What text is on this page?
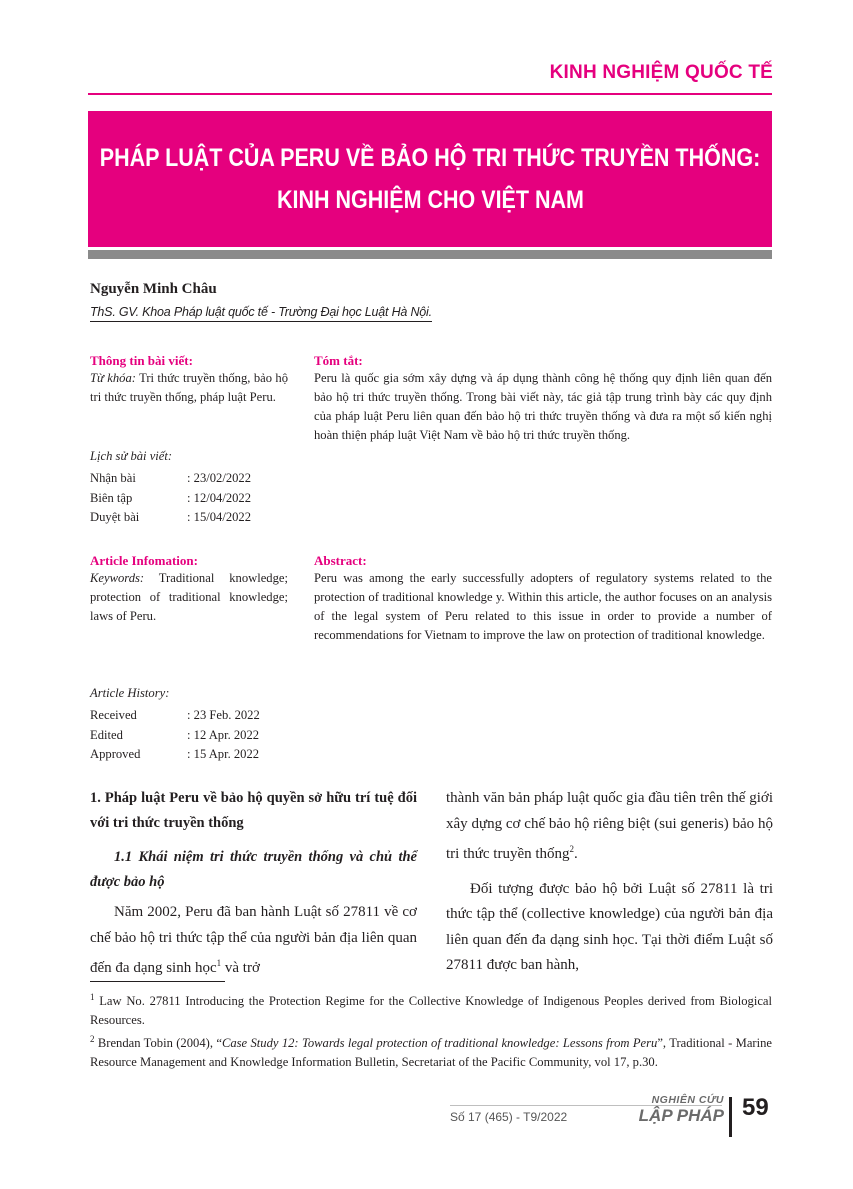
KINH NGHIỆM QUỐC TẾ
PHÁP LUẬT CỦA PERU VỀ BẢO HỘ TRI THỨC TRUYỀN THỐNG:
KINH NGHIỆM CHO VIỆT NAM
Nguyễn Minh Châu
ThS. GV. Khoa Pháp luật quốc tế - Trường Đại học Luật Hà Nội.
Thông tin bài viết:

Từ khóa: Tri thức truyền thống, bảo hộ tri thức truyền thống, pháp luật Peru.

Lịch sử bài viết:
Nhận bài	: 23/02/2022
Biên tập	: 12/04/2022
Duyệt bài	: 15/04/2022
Tóm tắt:

Peru là quốc gia sớm xây dựng và áp dụng thành công hệ thống quy định liên quan đến bảo hộ tri thức truyền thống. Trong bài viết này, tác giả tập trung trình bày các quy định của pháp luật Peru liên quan đến bảo hộ tri thức truyền thống và đưa ra một số kiến nghị hoàn thiện pháp luật Việt Nam về bảo hộ tri thức truyền thống.

Article Infomation:

Keywords: Traditional knowledge; protection of traditional knowledge; laws of Peru.

Article History:
Received	: 23 Feb. 2022
Edited	: 12 Apr. 2022
Approved	: 15 Apr. 2022
Abstract:

Peru was among the early successfully adopters of regulatory systems related to the protection of traditional knowledge y. Within this article, the author focuses on an analysis of the legal system of Peru related to this issue in order to provide a number of recommendations for Vietnam to improve the law on protection of traditional knowledge.

1. Pháp luật Peru về bảo hộ quyền sở hữu trí tuệ đối với tri thức truyền thống

1.1 Khái niệm tri thức truyền thống và chủ thể được bảo hộ

Năm 2002, Peru đã ban hành Luật số 27811 về cơ chế bảo hộ tri thức tập thể của người bản địa liên quan đến đa dạng sinh học$^1$ và trở

thành văn bản pháp luật quốc gia đầu tiên trên thế giới xây dựng cơ chế bảo hộ riêng biệt (sui generis) bảo hộ tri thức truyền thống$^2$.

Đối tượng được bảo hộ bởi Luật số 27811 là tri thức tập thể (collective knowledge) của người bản địa liên quan đến đa dạng sinh học. Tại thời điểm Luật số 27811 được ban hành,

$^1$ Law No. 27811 Introducing the Protection Regime for the Collective Knowledge of Indigenous Peoples derived from Biological Resources.

$^2$ Brendan Tobin (2004), “Case Study 12: Towards legal protection of traditional knowledge: Lessons from Peru”, Traditional - Marine Resource Management and Knowledge Information Bulletin, Secretariat of the Pacific Community, vol 17, p.30.

Số 17 (465) - T9/2022
NGHIÊN CỨU
LẬP PHÁP 59
